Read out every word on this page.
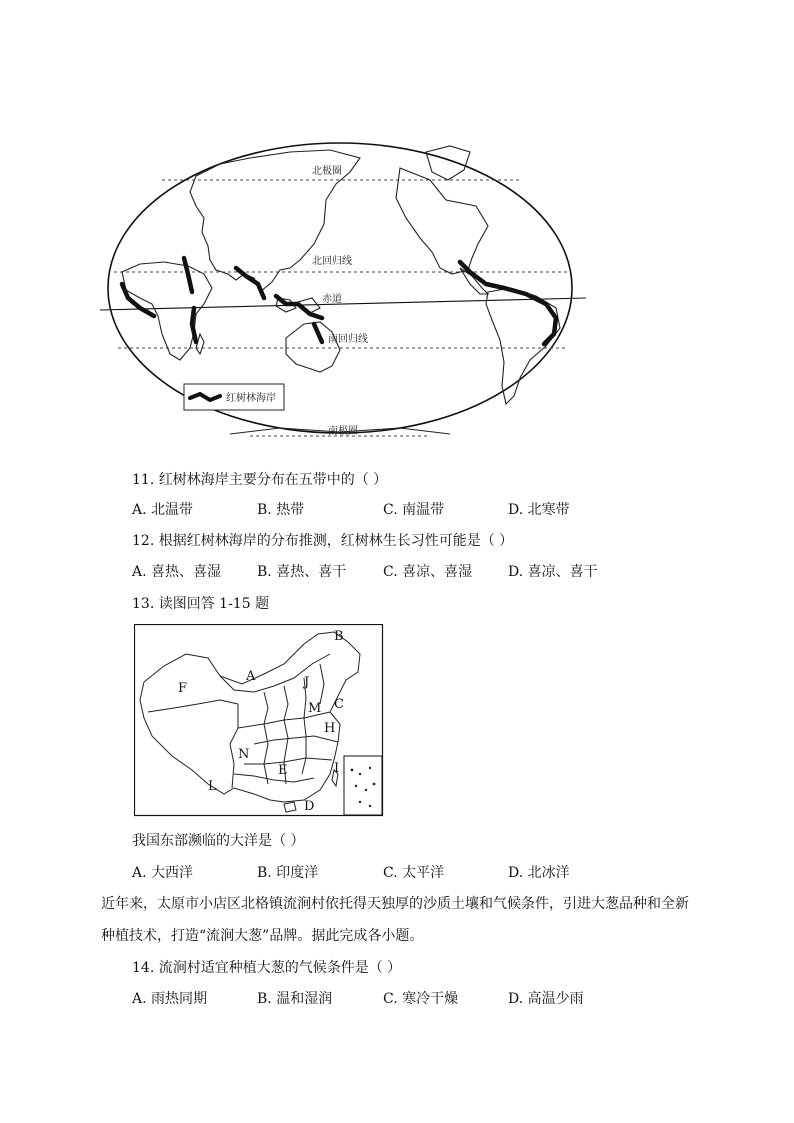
北极圈
北回归线
赤道
南回归线
南极圈
红树林海岸
11. 红树林海岸主要分布在五带中的（ ）
A. 北温带	B. 热带	C. 南温带	D. 北寒带
12. 根据红树林海岸的分布推测，红树林生长习性可能是（ ）
A. 喜热、喜湿	B. 喜热、喜干	C. 喜凉、喜湿	D. 喜凉、喜干
13. 读图回答 1-15 题
B
A
F	J
M C
H
N
E	I
L
D
我国东部濒临的大洋是（ ）
A. 大西洋	B. 印度洋	C. 太平洋	D. 北冰洋
近年来，太原市小店区北格镇流涧村依托得天独厚的沙质土壤和气候条件，引进大葱品种和全新
种植技术，打造“流涧大葱”品牌。据此完成各小题。
14. 流涧村适宜种植大葱的气候条件是（ ）
A. 雨热同期	B. 温和湿润	C. 寒冷干燥	D. 高温少雨
